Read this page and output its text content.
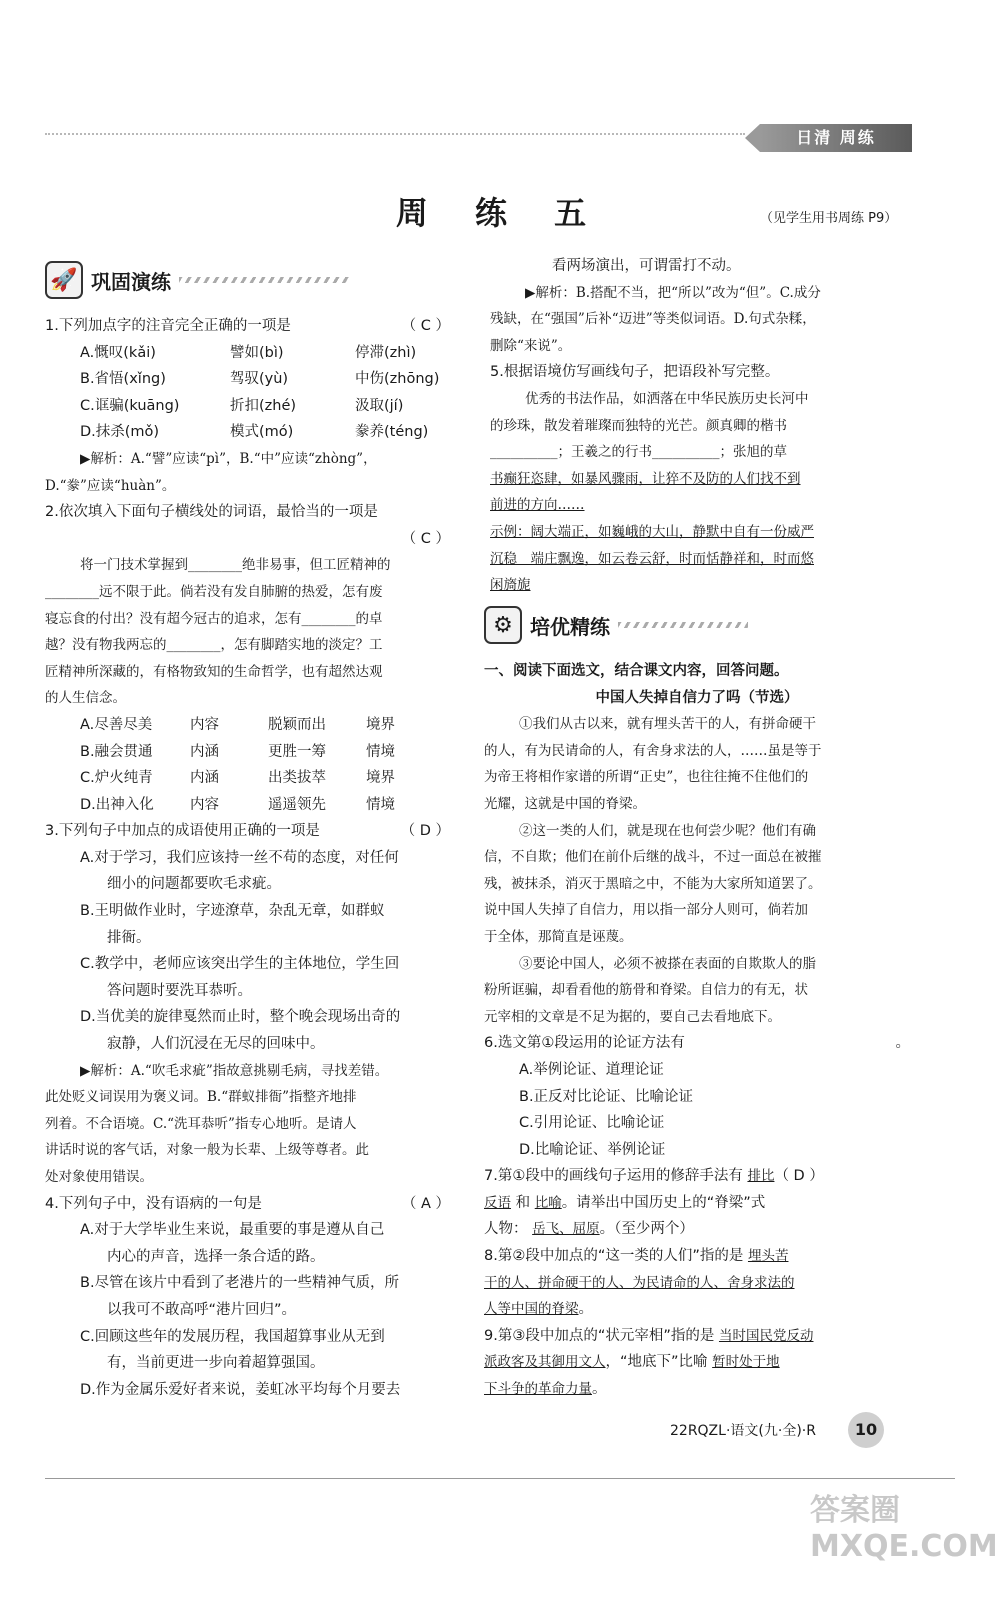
日清 周练
周 练 五	（见学生用书周练 P9）
🚀 巩固演练
1.下列加点字的注音完全正确的一项是	（ C ）
A.慨叹(kǎi)	譬如(bì)	停滞(zhì)
B.省悟(xǐng)	驾驭(yù)	中伤(zhōng)
C.诓骗(kuāng)	折扣(zhé)	汲取(jí)
D.抹杀(mǒ)	模式(mó)	豢养(téng)
▶解析：A.“譬”应读“pì”，B.“中”应读“zhòng”，
D.“豢”应读“huàn”。
2.依次填入下面句子横线处的词语，最恰当的一项是
（ C ）
将一门技术掌握到________绝非易事，但工匠精神的
________远不限于此。倘若没有发自肺腑的热爱，怎有废
寝忘食的付出？没有超今冠古的追求，怎有________的卓
越？没有物我两忘的________，怎有脚踏实地的淡定？工
匠精神所深藏的，有格物致知的生命哲学，也有超然达观
的人生信念。
A.尽善尽美	内容	脱颖而出	境界
B.融会贯通	内涵	更胜一筹	情境
C.炉火纯青	内涵	出类拔萃	境界
D.出神入化	内容	遥遥领先	情境
3.下列句子中加点的成语使用正确的一项是	（ D ）
A.对于学习，我们应该持一丝不苟的态度，对任何
细小的问题都要吹毛求疵。
B.王明做作业时，字迹潦草，杂乱无章，如群蚁
排衙。
C.教学中，老师应该突出学生的主体地位，学生回
答问题时要洗耳恭听。
D.当优美的旋律戛然而止时，整个晚会现场出奇的
寂静，人们沉浸在无尽的回味中。
▶解析：A.“吹毛求疵”指故意挑剔毛病，寻找差错。
此处贬义词误用为褒义词。B.“群蚁排衙”指整齐地排
列着。不合语境。C.“洗耳恭听”指专心地听。是请人
讲话时说的客气话，对象一般为长辈、上级等尊者。此
处对象使用错误。
4.下列句子中，没有语病的一句是	（ A ）
A.对于大学毕业生来说，最重要的事是遵从自己
内心的声音，选择一条合适的路。
B.尽管在该片中看到了老港片的一些精神气质，所
以我可不敢高呼“港片回归”。
C.回顾这些年的发展历程，我国超算事业从无到
有，当前更进一步向着超算强国。
D.作为金属乐爱好者来说，姜虹冰平均每个月要去
看两场演出，可谓雷打不动。
▶解析：B.搭配不当，把“所以”改为“但”。C.成分
残缺，在“强国”后补“迈进”等类似词语。D.句式杂糅，
删除“来说”。
5.根据语境仿写画线句子，把语段补写完整。
优秀的书法作品，如洒落在中华民族历史长河中
的珍珠，散发着璀璨而独特的光芒。颜真卿的楷书
__________；王羲之的行书__________；张旭的草
书癫狂恣肆，如暴风骤雨，让猝不及防的人们找不到
前进的方向……
示例：阔大端正，如巍峨的大山，静默中自有一份威严
沉稳　端庄飘逸，如云卷云舒，时而恬静祥和，时而悠
闲旖旎
⚙ 培优精练
一、阅读下面选文，结合课文内容，回答问题。
中国人失掉自信力了吗（节选）
①我们从古以来，就有埋头苦干的人，有拼命硬干
的人，有为民请命的人，有舍身求法的人，……虽是等于
为帝王将相作家谱的所谓“正史”，也往往掩不住他们的
光耀，这就是中国的脊梁。
②这一类的人们，就是现在也何尝少呢？他们有确
信，不自欺；他们在前仆后继的战斗，不过一面总在被摧
残，被抹杀，消灭于黑暗之中，不能为大家所知道罢了。
说中国人失掉了自信力，用以指一部分人则可，倘若加
于全体，那简直是诬蔑。
③要论中国人，必须不被搽在表面的自欺欺人的脂
粉所诓骗，却看看他的筋骨和脊梁。自信力的有无，状
元宰相的文章是不足为据的，要自己去看地底下。
6.选文第①段运用的论证方法有	。
A.举例论证、道理论证
B.正反对比论证、比喻论证
C.引用论证、比喻论证
D.比喻论证、举例论证
7.第①段中的画线句子运用的修辞手法有 排比（ D ）
反语 和 比喻。请举出中国历史上的“脊梁”式
人物： 岳飞、屈原。（至少两个）
8.第②段中加点的“这一类的人们”指的是 埋头苦
干的人、拼命硬干的人、为民请命的人、舍身求法的
人等中国的脊梁。
9.第③段中加点的“状元宰相”指的是 当时国民党反动
派政客及其御用文人，“地底下”比喻 暂时处于地
下斗争的革命力量。
22RQZL·语文(九·全)·R	10
答案圈 MXQE.COM
